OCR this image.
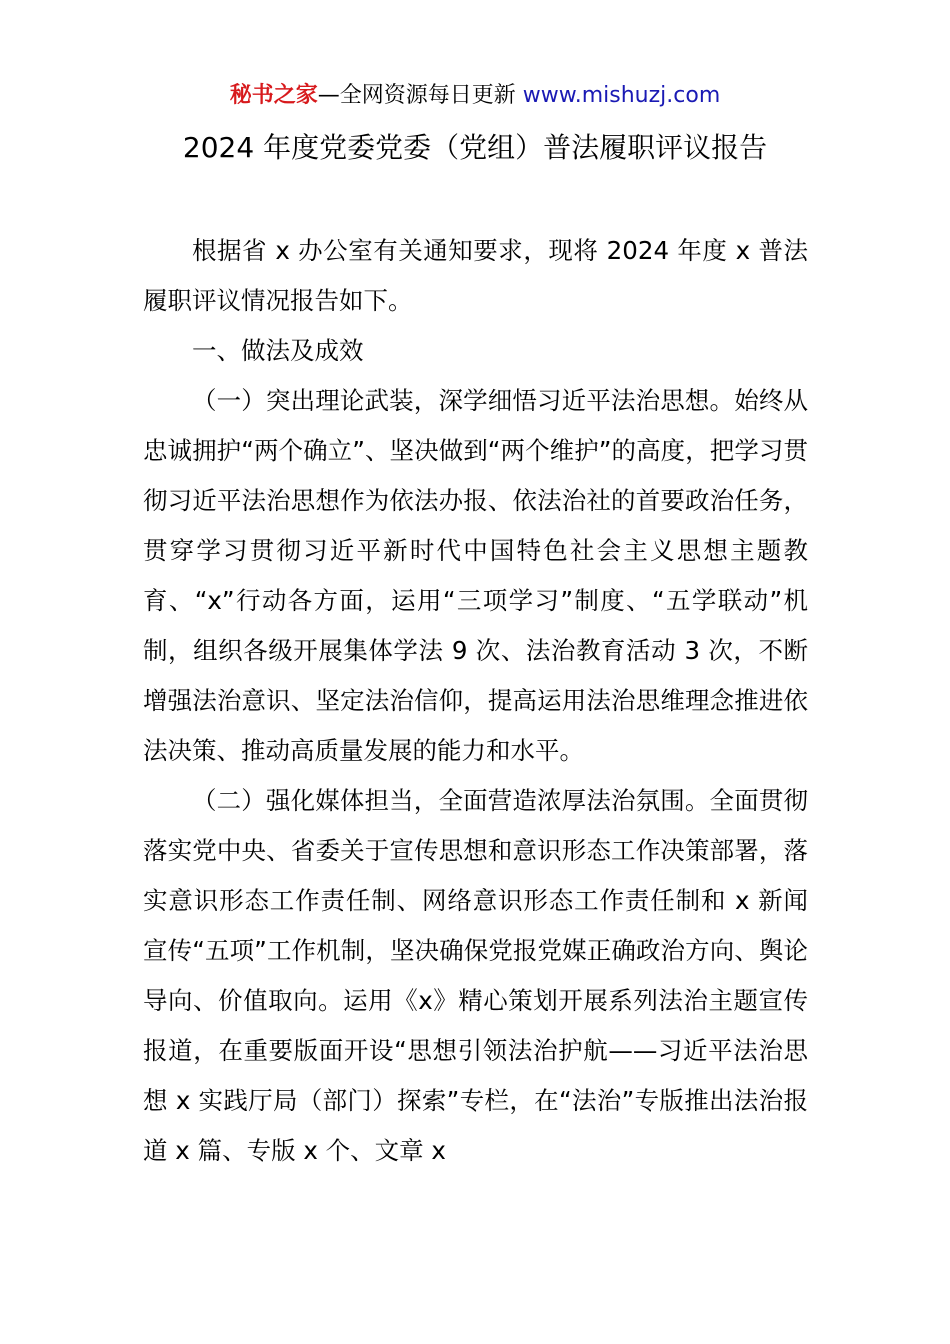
秘书之家—全网资源每日更新 www.mishuzj.com
2024 年度党委党委（党组）普法履职评议报告

根据省 x 办公室有关通知要求，现将 2024 年度 x 普法履职评议情况报告如下。

一、做法及成效

（一）突出理论武装，深学细悟习近平法治思想。始终从忠诚拥护“两个确立”、坚决做到“两个维护”的高度，把学习贯彻习近平法治思想作为依法办报、依法治社的首要政治任务，贯穿学习贯彻习近平新时代中国特色社会主义思想主题教育、“x”行动各方面，运用“三项学习”制度、“五学联动”机制，组织各级开展集体学法 9 次、法治教育活动 3 次，不断增强法治意识、坚定法治信仰，提高运用法治思维理念推进依法决策、推动高质量发展的能力和水平。

（二）强化媒体担当，全面营造浓厚法治氛围。全面贯彻落实党中央、省委关于宣传思想和意识形态工作决策部署，落实意识形态工作责任制、网络意识形态工作责任制和 x 新闻宣传“五项”工作机制，坚决确保党报党媒正确政治方向、舆论导向、价值取向。运用《x》精心策划开展系列法治主题宣传报道，在重要版面开设“思想引领法治护航——习近平法治思想 x 实践厅局（部门）探索”专栏，在“法治”专版推出法治报道 x 篇、专版 x 个、文章 x
